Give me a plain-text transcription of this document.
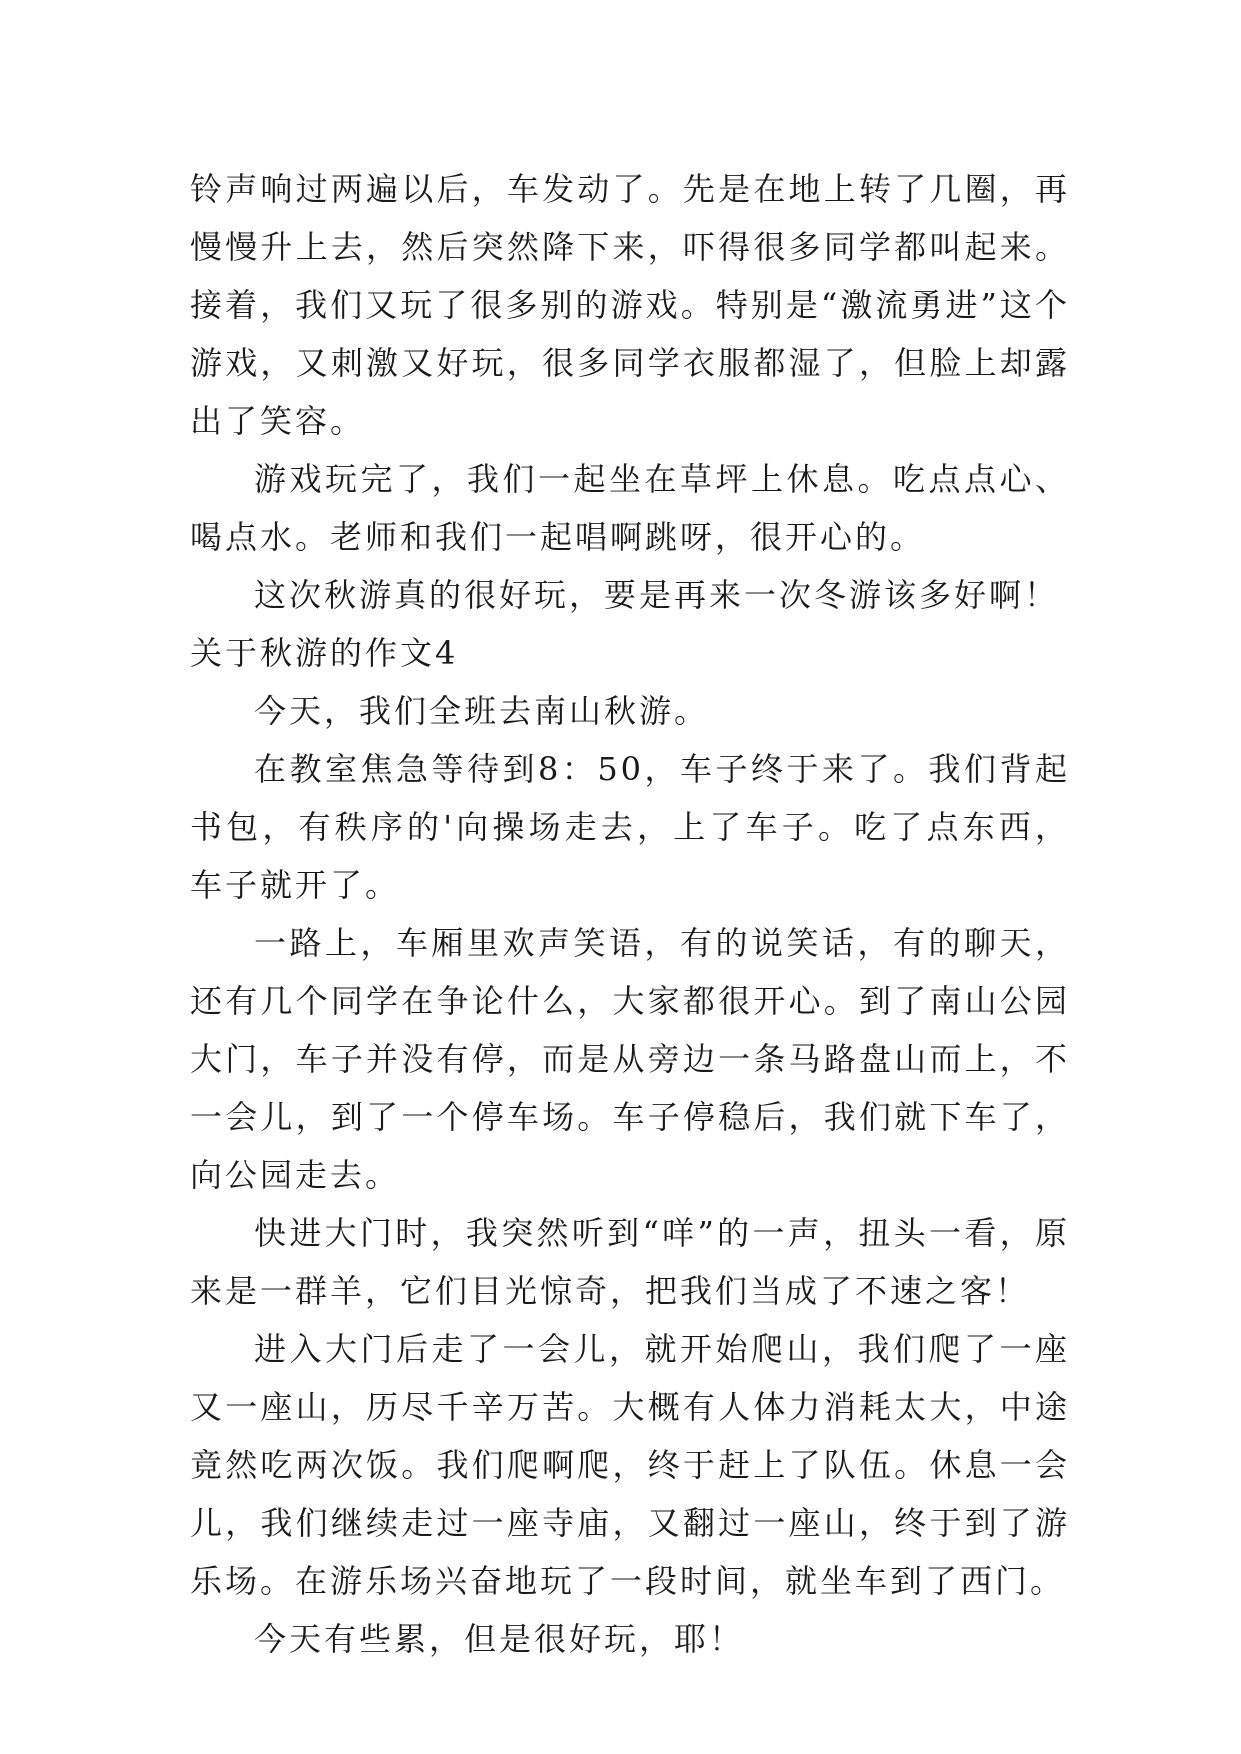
铃声响过两遍以后，车发动了。先是在地上转了几圈，再慢慢升上去，然后突然降下来，吓得很多同学都叫起来。接着，我们又玩了很多别的游戏。特别是“激流勇进”这个游戏，又刺激又好玩，很多同学衣服都湿了，但脸上却露出了笑容。

游戏玩完了，我们一起坐在草坪上休息。吃点点心、喝点水。老师和我们一起唱啊跳呀，很开心的。

这次秋游真的很好玩，要是再来一次冬游该多好啊！

关于秋游的作文4

今天，我们全班去南山秋游。

在教室焦急等待到8：50，车子终于来了。我们背起书包，有秩序的'向操场走去，上了车子。吃了点东西，车子就开了。

一路上，车厢里欢声笑语，有的说笑话，有的聊天，还有几个同学在争论什么，大家都很开心。到了南山公园大门，车子并没有停，而是从旁边一条马路盘山而上，不一会儿，到了一个停车场。车子停稳后，我们就下车了，向公园走去。

快进大门时，我突然听到“咩”的一声，扭头一看，原来是一群羊，它们目光惊奇，把我们当成了不速之客！

进入大门后走了一会儿，就开始爬山，我们爬了一座又一座山，历尽千辛万苦。大概有人体力消耗太大，中途竟然吃两次饭。我们爬啊爬，终于赶上了队伍。休息一会儿，我们继续走过一座寺庙，又翻过一座山，终于到了游乐场。在游乐场兴奋地玩了一段时间，就坐车到了西门。

今天有些累，但是很好玩，耶！
